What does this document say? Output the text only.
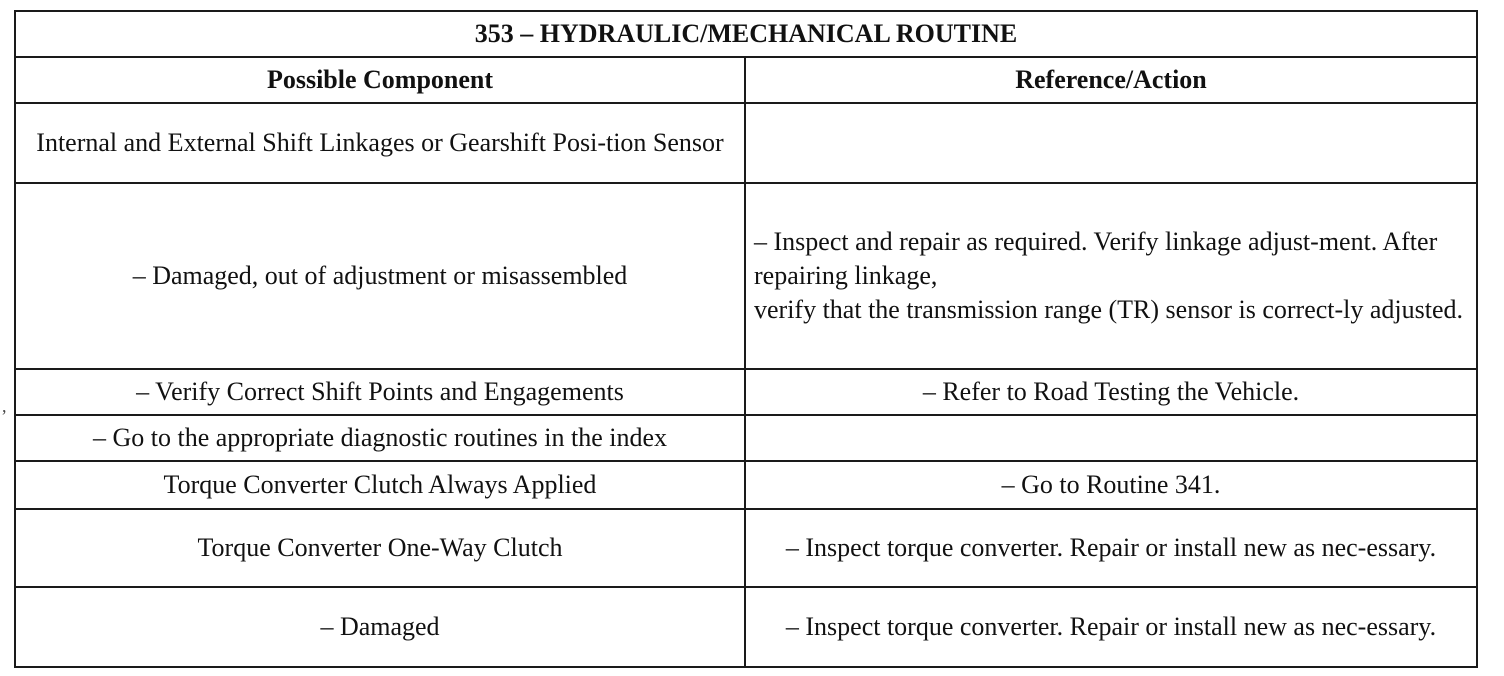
,
353 – HYDRAULIC/MECHANICAL ROUTINE	
Possible Component	Reference/Action
Internal and External Shift Linkages or Gearshift Posi-tion Sensor	
– Damaged, out of adjustment or misassembled	– Inspect and repair as required. Verify linkage adjust-ment. After repairing linkage,
verify that the transmission range (TR) sensor is correct-ly adjusted.

– Verify Correct Shift Points and Engagements	– Refer to Road Testing the Vehicle.
– Go to the appropriate diagnostic routines in the index	
Torque Converter Clutch Always Applied	– Go to Routine 341.
Torque Converter One-Way Clutch	– Inspect torque converter. Repair or install new as nec-essary.
– Damaged	– Inspect torque converter. Repair or install new as nec-essary.
